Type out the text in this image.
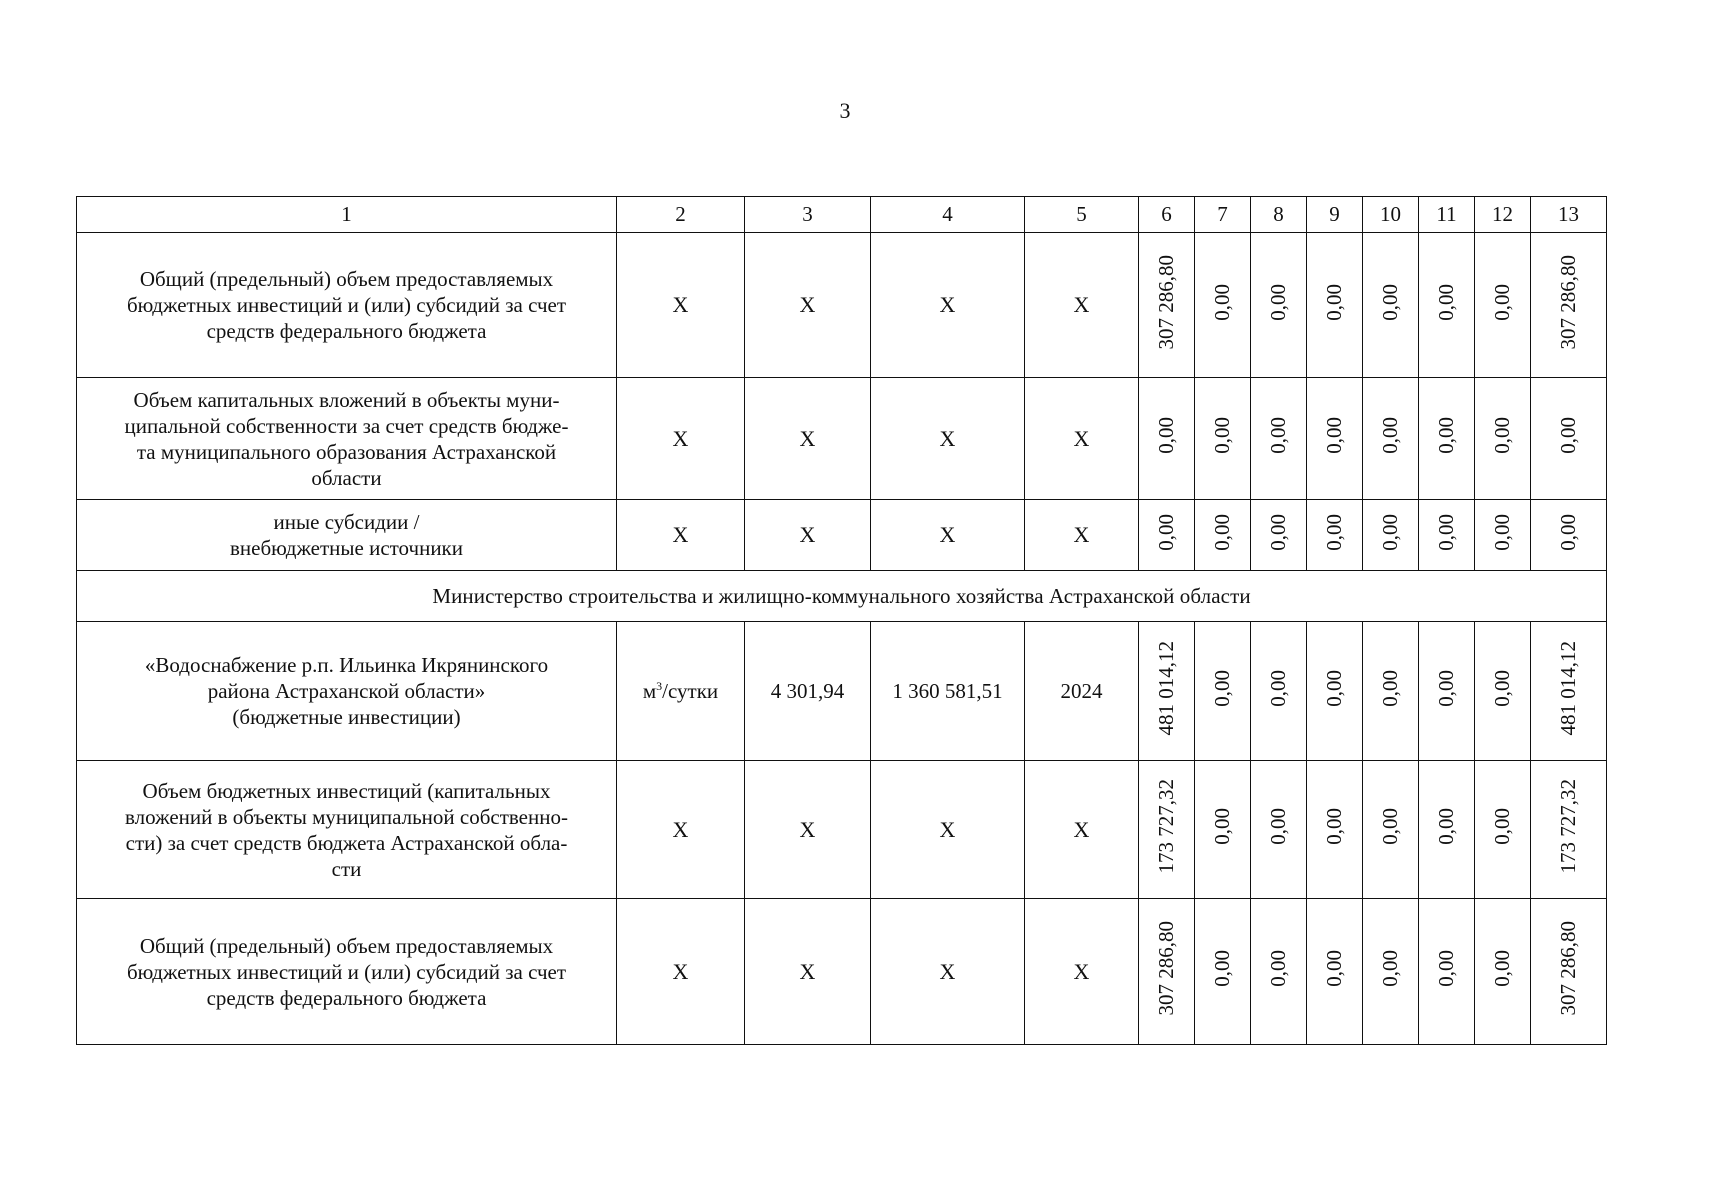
3
1	2	3	4	5	6	7	8	9	10	11	12	13
Общий (предельный) объем предоставляемых
бюджетных инвестиций и (или) субсидий за счет
средств федерального бюджета	Х	Х	Х	Х	307 286,80	0,00	0,00	0,00	0,00	0,00	0,00	307 286,80
Объем капитальных вложений в объекты муни-
ципальной собственности за счет средств бюдже-
та муниципального образования Астраханской
области	Х	Х	Х	Х	0,00	0,00	0,00	0,00	0,00	0,00	0,00	0,00
иные субсидии /
внебюджетные источники	Х	Х	Х	Х	0,00	0,00	0,00	0,00	0,00	0,00	0,00	0,00
Министерство строительства и жилищно-коммунального хозяйства Астраханской области												
«Водоснабжение р.п. Ильинка Икрянинского
района Астраханской области»
(бюджетные инвестиции)	$м^3$/сутки	4 301,94	1 360 581,51	2024	481 014,12	0,00	0,00	0,00	0,00	0,00	0,00	481 014,12
Объем бюджетных инвестиций (капитальных
вложений в объекты муниципальной собственно-
сти) за счет средств бюджета Астраханской обла-
сти	Х	Х	Х	Х	173 727,32	0,00	0,00	0,00	0,00	0,00	0,00	173 727,32
Общий (предельный) объем предоставляемых
бюджетных инвестиций и (или) субсидий за счет
средств федерального бюджета	Х	Х	Х	Х	307 286,80	0,00	0,00	0,00	0,00	0,00	0,00	307 286,80
